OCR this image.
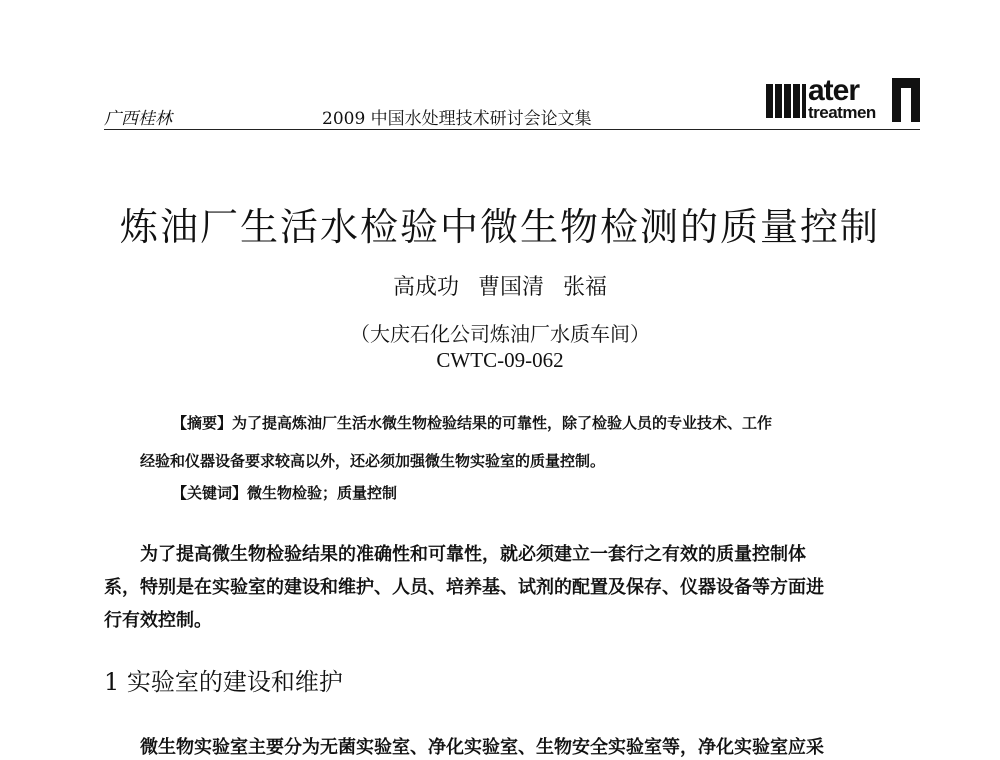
广西桂林	2009 中国水处理技术研讨会论文集
ater
treatmen
炼油厂生活水检验中微生物检测的质量控制
高成功 曹国清 张福
（大庆石化公司炼油厂水质车间）
CWTC-09-062
【摘要】为了提高炼油厂生活水微生物检验结果的可靠性，除了检验人员的专业技术、工作
经验和仪器设备要求较高以外，还必须加强微生物实验室的质量控制。
【关键词】微生物检验；质量控制
为了提高微生物检验结果的准确性和可靠性，就必须建立一套行之有效的质量控制体
系，特别是在实验室的建设和维护、人员、培养基、试剂的配置及保存、仪器设备等方面进
行有效控制。
1 实验室的建设和维护
微生物实验室主要分为无菌实验室、净化实验室、生物安全实验室等，净化实验室应采
